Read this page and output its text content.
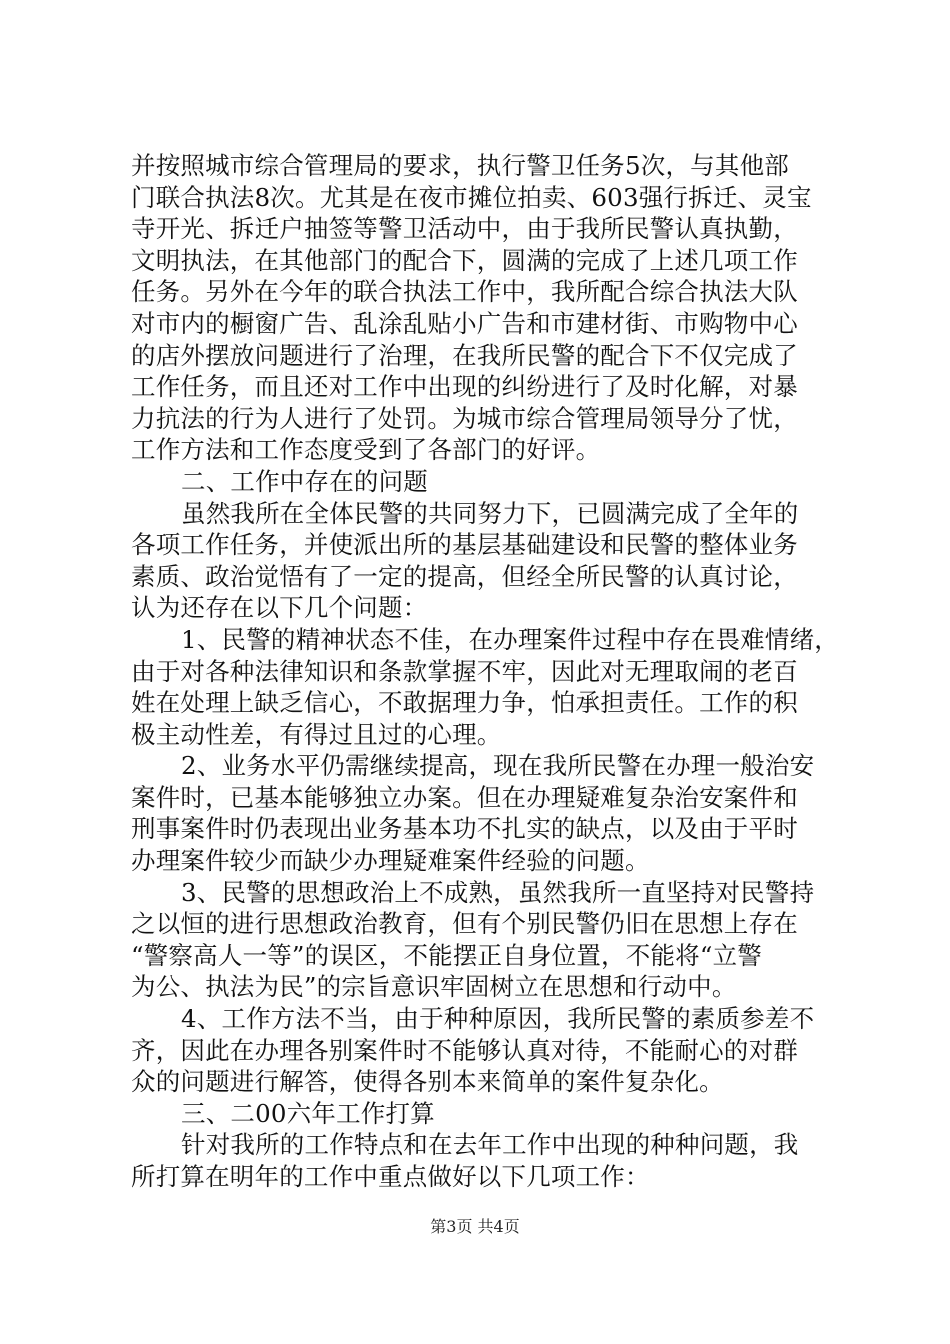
并按照城市综合管理局的要求，执行警卫任务5次，与其他部
门联合执法8次。尤其是在夜市摊位拍卖、603强行拆迁、灵宝
寺开光、拆迁户抽签等警卫活动中，由于我所民警认真执勤，
文明执法，在其他部门的配合下，圆满的完成了上述几项工作
任务。另外在今年的联合执法工作中，我所配合综合执法大队
对市内的橱窗广告、乱涂乱贴小广告和市建材街、市购物中心
的店外摆放问题进行了治理，在我所民警的配合下不仅完成了
工作任务，而且还对工作中出现的纠纷进行了及时化解，对暴
力抗法的行为人进行了处罚。为城市综合管理局领导分了忧，
工作方法和工作态度受到了各部门的好评。
二、工作中存在的问题
虽然我所在全体民警的共同努力下，已圆满完成了全年的
各项工作任务，并使派出所的基层基础建设和民警的整体业务
素质、政治觉悟有了一定的提高，但经全所民警的认真讨论，
认为还存在以下几个问题：
1、民警的精神状态不佳，在办理案件过程中存在畏难情绪，
由于对各种法律知识和条款掌握不牢，因此对无理取闹的老百
姓在处理上缺乏信心，不敢据理力争，怕承担责任。工作的积
极主动性差，有得过且过的心理。
2、业务水平仍需继续提高，现在我所民警在办理一般治安
案件时，已基本能够独立办案。但在办理疑难复杂治安案件和
刑事案件时仍表现出业务基本功不扎实的缺点，以及由于平时
办理案件较少而缺少办理疑难案件经验的问题。
3、民警的思想政治上不成熟，虽然我所一直坚持对民警持
之以恒的进行思想政治教育，但有个别民警仍旧在思想上存在
“警察高人一等”的误区，不能摆正自身位置，不能将“立警
为公、执法为民”的宗旨意识牢固树立在思想和行动中。
4、工作方法不当，由于种种原因，我所民警的素质参差不
齐，因此在办理各别案件时不能够认真对待，不能耐心的对群
众的问题进行解答，使得各别本来简单的案件复杂化。
三、二00六年工作打算
针对我所的工作特点和在去年工作中出现的种种问题，我
所打算在明年的工作中重点做好以下几项工作：
第3页 共4页
